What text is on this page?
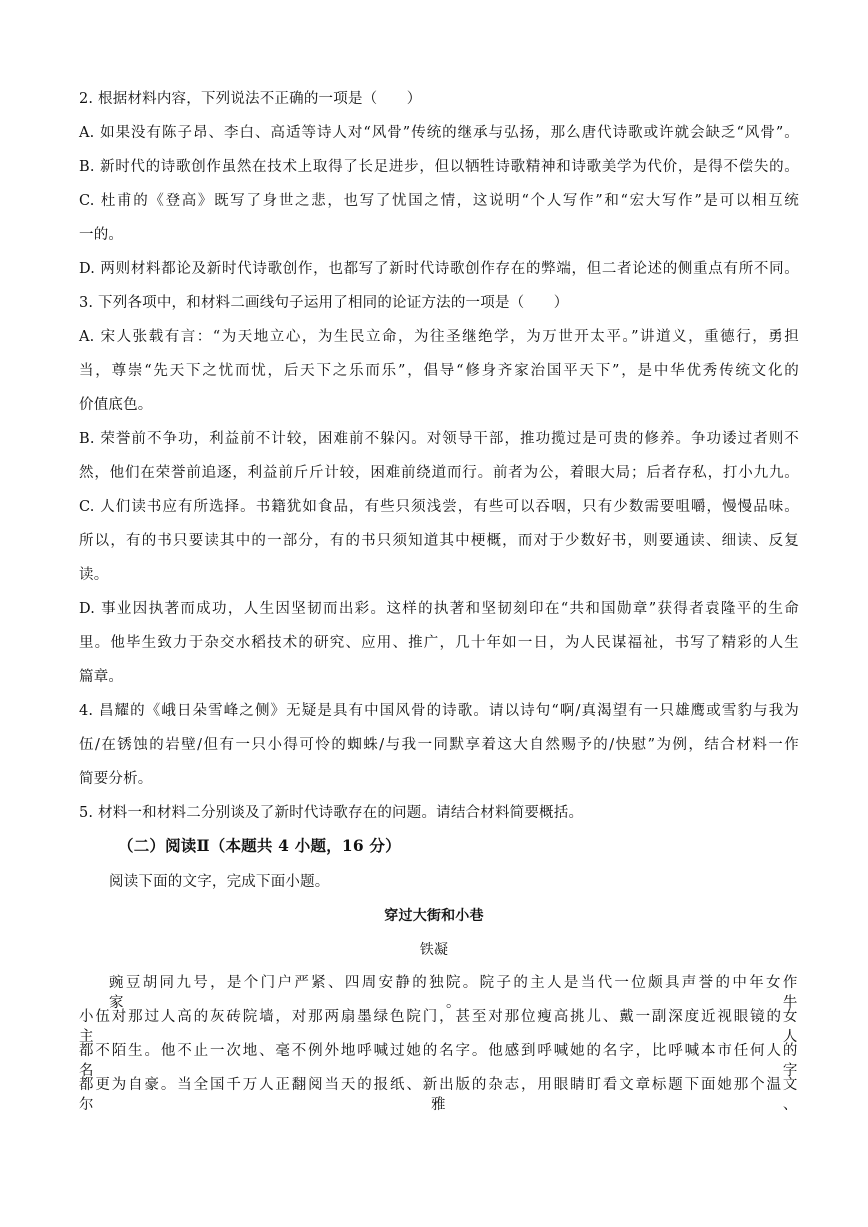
2. 根据材料内容，下列说法不正确的一项是（　　）
A. 如果没有陈子昂、李白、高适等诗人对“风骨”传统的继承与弘扬，那么唐代诗歌或许就会缺乏“风骨”。
B. 新时代的诗歌创作虽然在技术上取得了长足进步，但以牺牲诗歌精神和诗歌美学为代价，是得不偿失的。
C. 杜甫的《登高》既写了身世之悲，也写了忧国之情，这说明“个人写作”和“宏大写作”是可以相互统
一的。
D. 两则材料都论及新时代诗歌创作，也都写了新时代诗歌创作存在的弊端，但二者论述的侧重点有所不同。
3. 下列各项中，和材料二画线句子运用了相同的论证方法的一项是（　　）
A. 宋人张载有言：“为天地立心，为生民立命，为往圣继绝学，为万世开太平。”讲道义，重德行，勇担
当，尊崇“先天下之忧而忧，后天下之乐而乐”，倡导“修身齐家治国平天下”，是中华优秀传统文化的
价值底色。
B. 荣誉前不争功，利益前不计较，困难前不躲闪。对领导干部，推功揽过是可贵的修养。争功诿过者则不
然，他们在荣誉前追逐，利益前斤斤计较，困难前绕道而行。前者为公，着眼大局；后者存私，打小九九。
C. 人们读书应有所选择。书籍犹如食品，有些只须浅尝，有些可以吞咽，只有少数需要咀嚼，慢慢品味。
所以，有的书只要读其中的一部分，有的书只须知道其中梗概，而对于少数好书，则要通读、细读、反复
读。
D. 事业因执著而成功，人生因坚韧而出彩。这样的执著和坚韧刻印在“共和国勋章”获得者袁隆平的生命
里。他毕生致力于杂交水稻技术的研究、应用、推广，几十年如一日，为人民谋福祉，书写了精彩的人生
篇章。
4. 昌耀的《峨日朵雪峰之侧》无疑是具有中国风骨的诗歌。请以诗句“啊/真渴望有一只雄鹰或雪豹与我为
伍/在锈蚀的岩壁/但有一只小得可怜的蜘蛛/与我一同默享着这大自然赐予的/快慰”为例，结合材料一作
简要分析。
5. 材料一和材料二分别谈及了新时代诗歌存在的问题。请结合材料简要概括。
豌豆胡同九号，是个门户严紧、四周安静的独院。院子的主人是当代一位颇具声誉的中年女作家。牛
小伍对那过人高的灰砖院墙，对那两扇墨绿色院门，甚至对那位瘦高挑儿、戴一副深度近视眼镜的女主人
都不陌生。他不止一次地、毫不例外地呼喊过她的名字。他感到呼喊她的名字，比呼喊本市任何人的名字
都更为自豪。当全国千万人正翻阅当天的报纸、新出版的杂志，用眼睛盯看文章标题下面她那个温文尔雅、
（二）阅读Ⅱ（本题共 4 小题，16 分）
阅读下面的文字，完成下面小题。
穿过大街和小巷
铁凝
